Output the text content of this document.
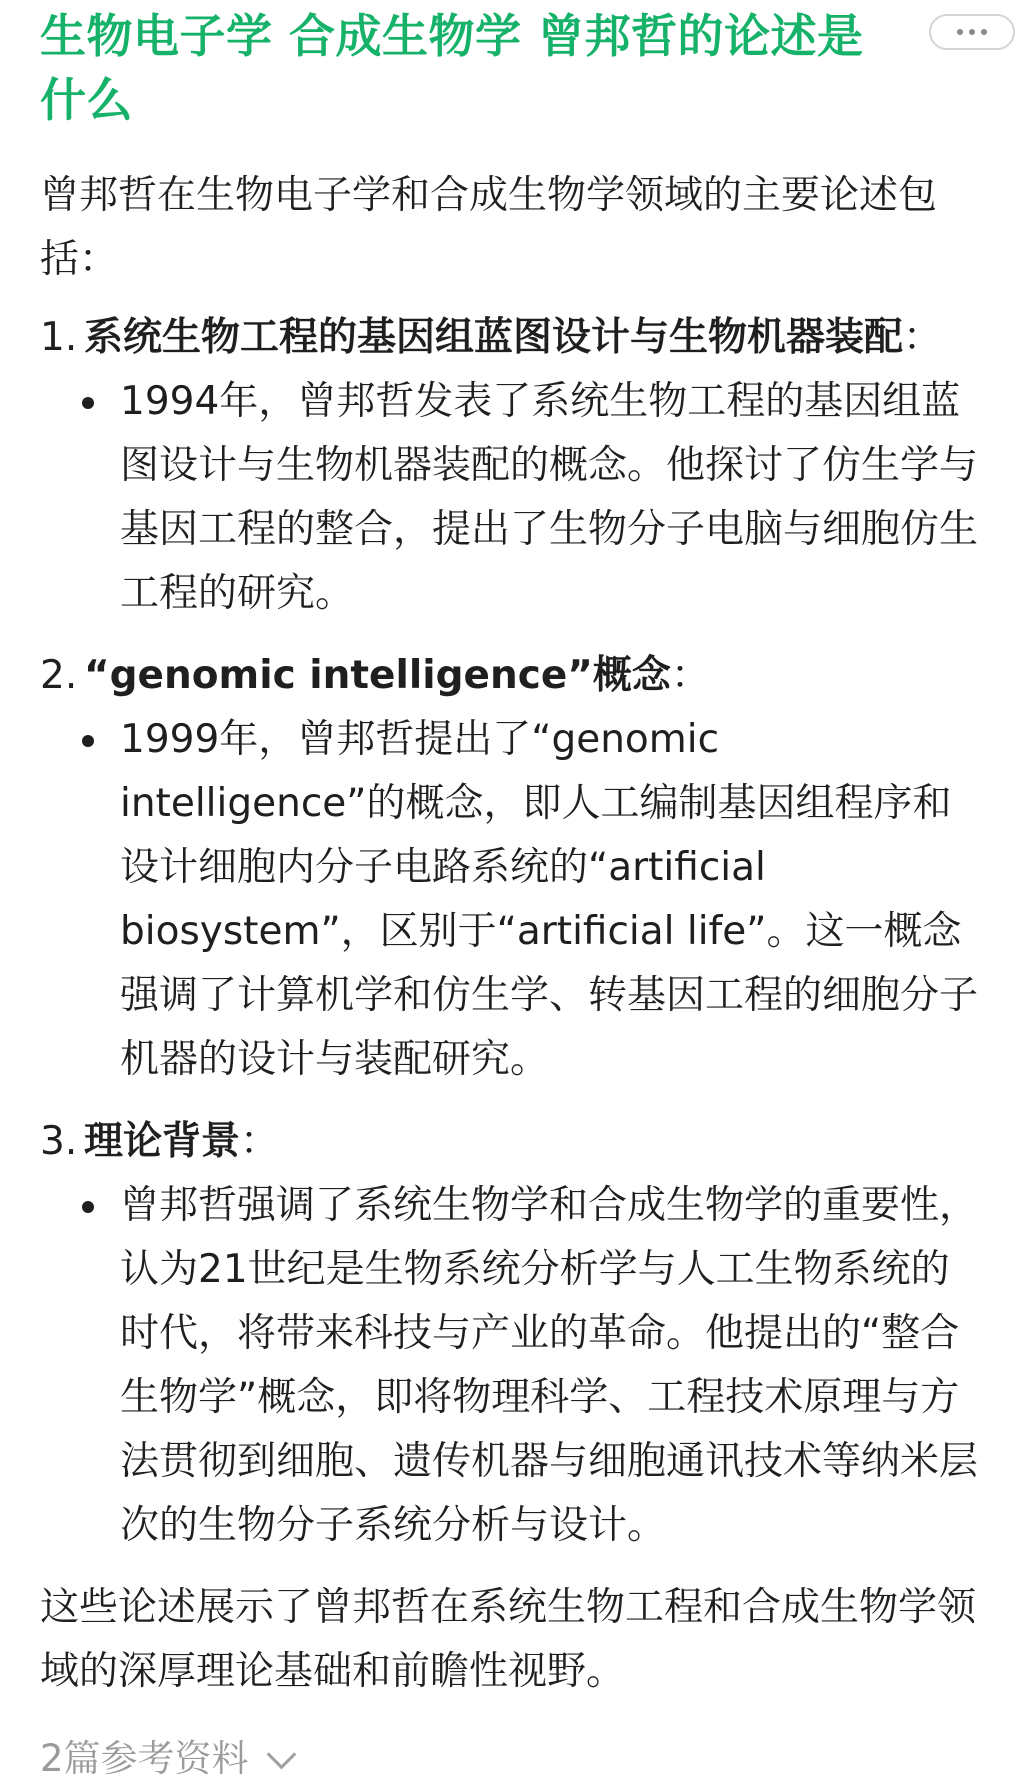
生物电子学 合成生物学 曾邦哲的论述是什么

曾邦哲在生物电子学和合成生物学领域的主要论述包括：

1. 系统生物工程的基因组蓝图设计与生物机器装配：
1994年，曾邦哲发表了系统生物工程的基因组蓝图设计与生物机器装配的概念。他探讨了仿生学与基因工程的整合，提出了生物分子电脑与细胞仿生工程的研究。
2. “genomic intelligence”概念：
1999年，曾邦哲提出了“genomic intelligence”的概念，即人工编制基因组程序和设计细胞内分子电路系统的“artificial biosystem”，区别于“artificial life”。这一概念强调了计算机学和仿生学、转基因工程的细胞分子机器的设计与装配研究。
3. 理论背景：
曾邦哲强调了系统生物学和合成生物学的重要性，认为21世纪是生物系统分析学与人工生物系统的时代，将带来科技与产业的革命。他提出的“整合生物学”概念，即将物理科学、工程技术原理与方法贯彻到细胞、遗传机器与细胞通讯技术等纳米层次的生物分子系统分析与设计。

这些论述展示了曾邦哲在系统生物工程和合成生物学领域的深厚理论基础和前瞻性视野。

2篇参考资料
